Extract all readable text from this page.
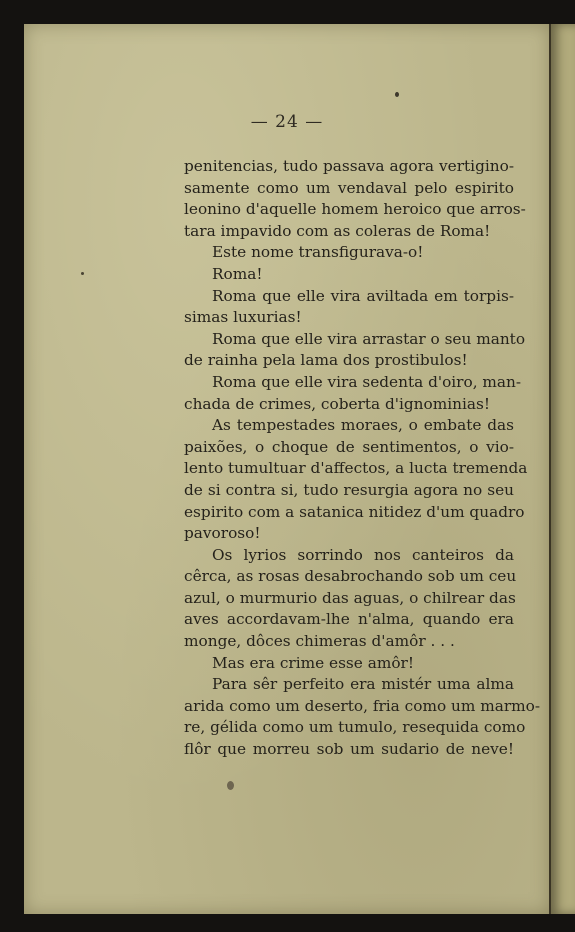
— 24 —
penitencias, tudo passava agora vertigino-
samente como um vendaval pelo espirito
leonino d'aquelle homem heroico que arros-
tara impavido com as coleras de Roma!
Este nome transfigurava-o!
Roma!
Roma que elle vira aviltada em torpis-
simas luxurias!
Roma que elle vira arrastar o seu manto
de rainha pela lama dos prostibulos!
Roma que elle vira sedenta d'oiro, man-
chada de crimes, coberta d'ignominias!
As tempestades moraes, o embate das
paixões, o choque de sentimentos, o vio-
lento tumultuar d'affectos, a lucta tremenda
de si contra si, tudo resurgia agora no seu
espirito com a satanica nitidez d'um quadro
pavoroso!
Os lyrios sorrindo nos canteiros da
cêrca, as rosas desabrochando sob um ceu
azul, o murmurio das aguas, o chilrear das
aves accordavam-lhe n'alma, quando era
monge, dôces chimeras d'amôr . . .
Mas era crime esse amôr!
Para sêr perfeito era mistér uma alma
arida como um deserto, fria como um marmo-
re, gélida como um tumulo, resequida como
flôr que morreu sob um sudario de neve!
